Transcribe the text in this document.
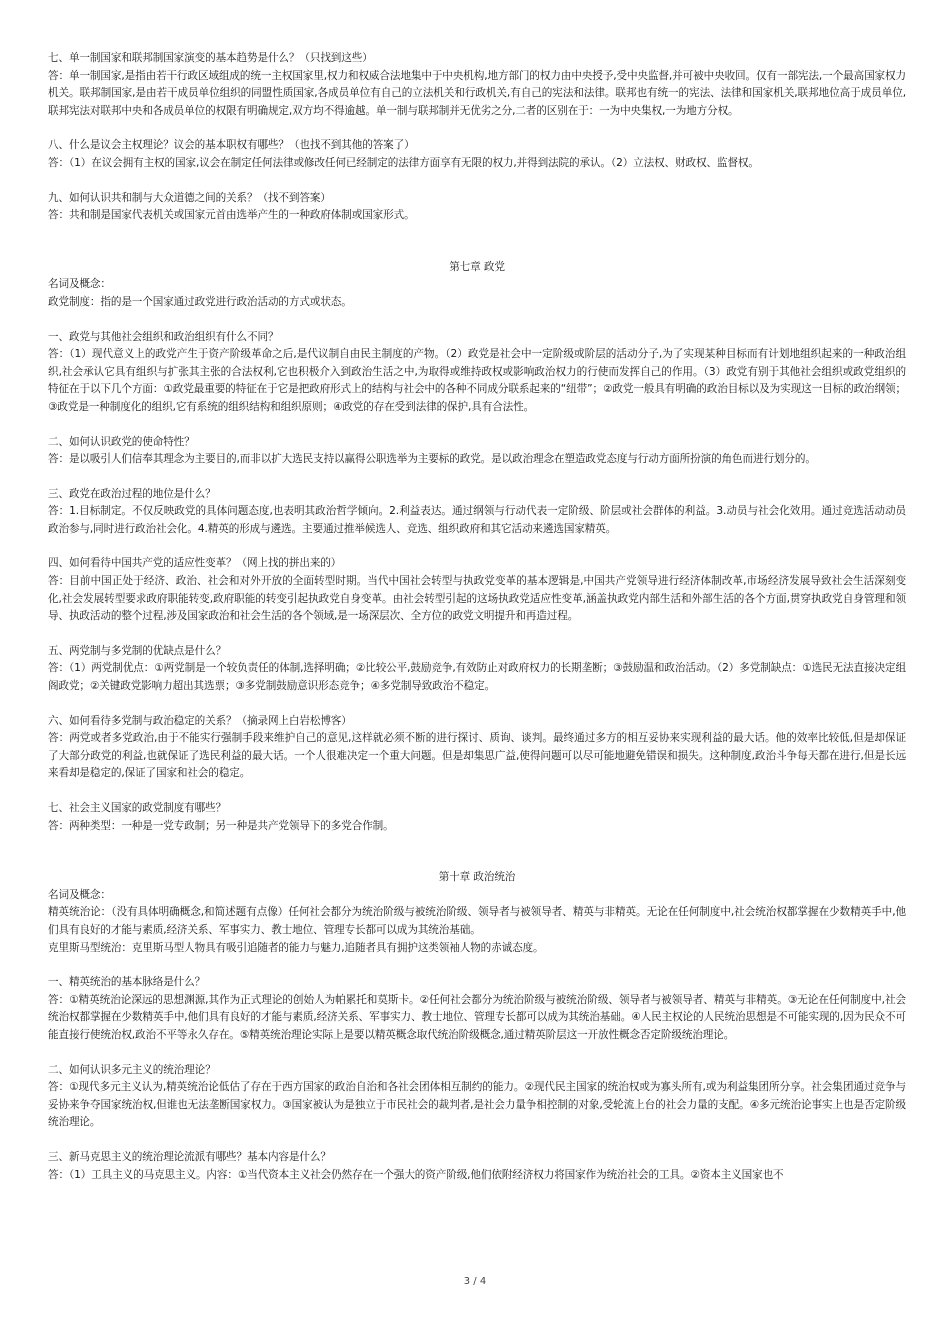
七、单一制国家和联邦制国家演变的基本趋势是什么？（只找到这些）

答：单一制国家,是指由若干行政区域组成的统一主权国家里,权力和权威合法地集中于中央机构,地方部门的权力由中央授予,受中央监督,并可被中央收回。仅有一部宪法,一个最高国家权力机关。联邦制国家,是由若干成员单位组织的同盟性质国家,各成员单位有自己的立法机关和行政机关,有自己的宪法和法律。联邦也有统一的宪法、法律和国家机关,联邦地位高于成员单位,联邦宪法对联邦中央和各成员单位的权限有明确规定,双方均不得逾越。单一制与联邦制并无优劣之分,二者的区别在于：一为中央集权,一为地方分权。

八、什么是议会主权理论？议会的基本职权有哪些？（也找不到其他的答案了）

答：（1）在议会拥有主权的国家,议会在制定任何法律或修改任何已经制定的法律方面享有无限的权力,并得到法院的承认。（2）立法权、财政权、监督权。

九、如何认识共和制与大众道德之间的关系？（找不到答案）

答：共和制是国家代表机关或国家元首由选举产生的一种政府体制或国家形式。

第七章 政党

名词及概念：

政党制度：指的是一个国家通过政党进行政治活动的方式或状态。

一、政党与其他社会组织和政治组织有什么不同？

答：（1）现代意义上的政党产生于资产阶级革命之后,是代议制自由民主制度的产物。（2）政党是社会中一定阶级或阶层的活动分子,为了实现某种目标而有计划地组织起来的一种政治组织,社会承认它具有组织与扩张其主张的合法权利,它也积极介入到政治生活之中,为取得或维持政权或影响政治权力的行使而发挥自己的作用。（3）政党有别于其他社会组织或政党组织的特征在于以下几个方面：①政党最重要的特征在于它是把政府形式上的结构与社会中的各种不同成分联系起来的“纽带”；②政党一般具有明确的政治目标以及为实现这一目标的政治纲领；③政党是一种制度化的组织,它有系统的组织结构和组织原则；④政党的存在受到法律的保护,具有合法性。

二、如何认识政党的使命特性？

答：是以吸引人们信奉其理念为主要目的,而非以扩大选民支持以赢得公职选举为主要标的政党。是以政治理念在塑造政党态度与行动方面所扮演的角色而进行划分的。

三、政党在政治过程的地位是什么？

答：1.目标制定。不仅反映政党的具体问题态度,也表明其政治哲学倾向。2.利益表达。通过纲领与行动代表一定阶级、阶层或社会群体的利益。3.动员与社会化效用。通过竞选活动动员政治参与,同时进行政治社会化。4.精英的形成与遴选。主要通过推举候选人、竞选、组织政府和其它活动来遴选国家精英。

四、如何看待中国共产党的适应性变革？（网上找的拼出来的）

答：目前中国正处于经济、政治、社会和对外开放的全面转型时期。当代中国社会转型与执政党变革的基本逻辑是,中国共产党领导进行经济体制改革,市场经济发展导致社会生活深刻变化,社会发展转型要求政府职能转变,政府职能的转变引起执政党自身变革。由社会转型引起的这场执政党适应性变革,涵盖执政党内部生活和外部生活的各个方面,贯穿执政党自身管理和领导、执政活动的整个过程,涉及国家政治和社会生活的各个领域,是一场深层次、全方位的政党文明提升和再造过程。

五、两党制与多党制的优缺点是什么？

答：（1）两党制优点：①两党制是一个较负责任的体制,选择明确；②比较公平,鼓励竞争,有效防止对政府权力的长期垄断；③鼓励温和政治活动。（2）多党制缺点：①选民无法直接决定组阁政党；②关键政党影响力超出其选票；③多党制鼓励意识形态竞争；④多党制导致政治不稳定。

六、如何看待多党制与政治稳定的关系？（摘录网上白岩松博客）

答：两党或者多党政治,由于不能实行强制手段来维护自己的意见,这样就必须不断的进行探讨、质询、谈判。最终通过多方的相互妥协来实现利益的最大话。他的效率比较低,但是却保证了大部分政党的利益,也就保证了选民利益的最大话。一个人很难决定一个重大问题。但是却集思广益,使得问题可以尽可能地避免错误和损失。这种制度,政治斗争每天都在进行,但是长远来看却是稳定的,保证了国家和社会的稳定。

七、社会主义国家的政党制度有哪些？

答：两种类型：一种是一党专政制；另一种是共产党领导下的多党合作制。

第十章 政治统治

名词及概念：

精英统治论：（没有具体明确概念,和简述题有点像）任何社会都分为统治阶级与被统治阶级、领导者与被领导者、精英与非精英。无论在任何制度中,社会统治权都掌握在少数精英手中,他们具有良好的才能与素质,经济关系、军事实力、教士地位、管理专长都可以成为其统治基础。

克里斯马型统治：克里斯马型人物具有吸引追随者的能力与魅力,追随者具有拥护这类领袖人物的赤诚态度。

一、精英统治的基本脉络是什么？

答：①精英统治论深远的思想渊源,其作为正式理论的创始人为帕累托和莫斯卡。②任何社会都分为统治阶级与被统治阶级、领导者与被领导者、精英与非精英。③无论在任何制度中,社会统治权都掌握在少数精英手中,他们具有良好的才能与素质,经济关系、军事实力、教士地位、管理专长都可以成为其统治基础。④人民主权论的人民统治思想是不可能实现的,因为民众不可能直接行使统治权,政治不平等永久存在。⑤精英统治理论实际上是要以精英概念取代统治阶级概念,通过精英阶层这一开放性概念否定阶级统治理论。

二、如何认识多元主义的统治理论？

答：①现代多元主义认为,精英统治论低估了存在于西方国家的政治自治和各社会团体相互制约的能力。②现代民主国家的统治权或为寡头所有,或为利益集团所分享。社会集团通过竞争与妥协来争夺国家统治权,但谁也无法垄断国家权力。③国家被认为是独立于市民社会的裁判者,是社会力量争相控制的对象,受轮流上台的社会力量的支配。④多元统治论事实上也是否定阶级统治理论。

三、新马克思主义的统治理论流派有哪些？基本内容是什么？

答：（1）工具主义的马克思主义。内容：①当代资本主义社会仍然存在一个强大的资产阶级,他们依附经济权力将国家作为统治社会的工具。②资本主义国家也不

3 / 4
